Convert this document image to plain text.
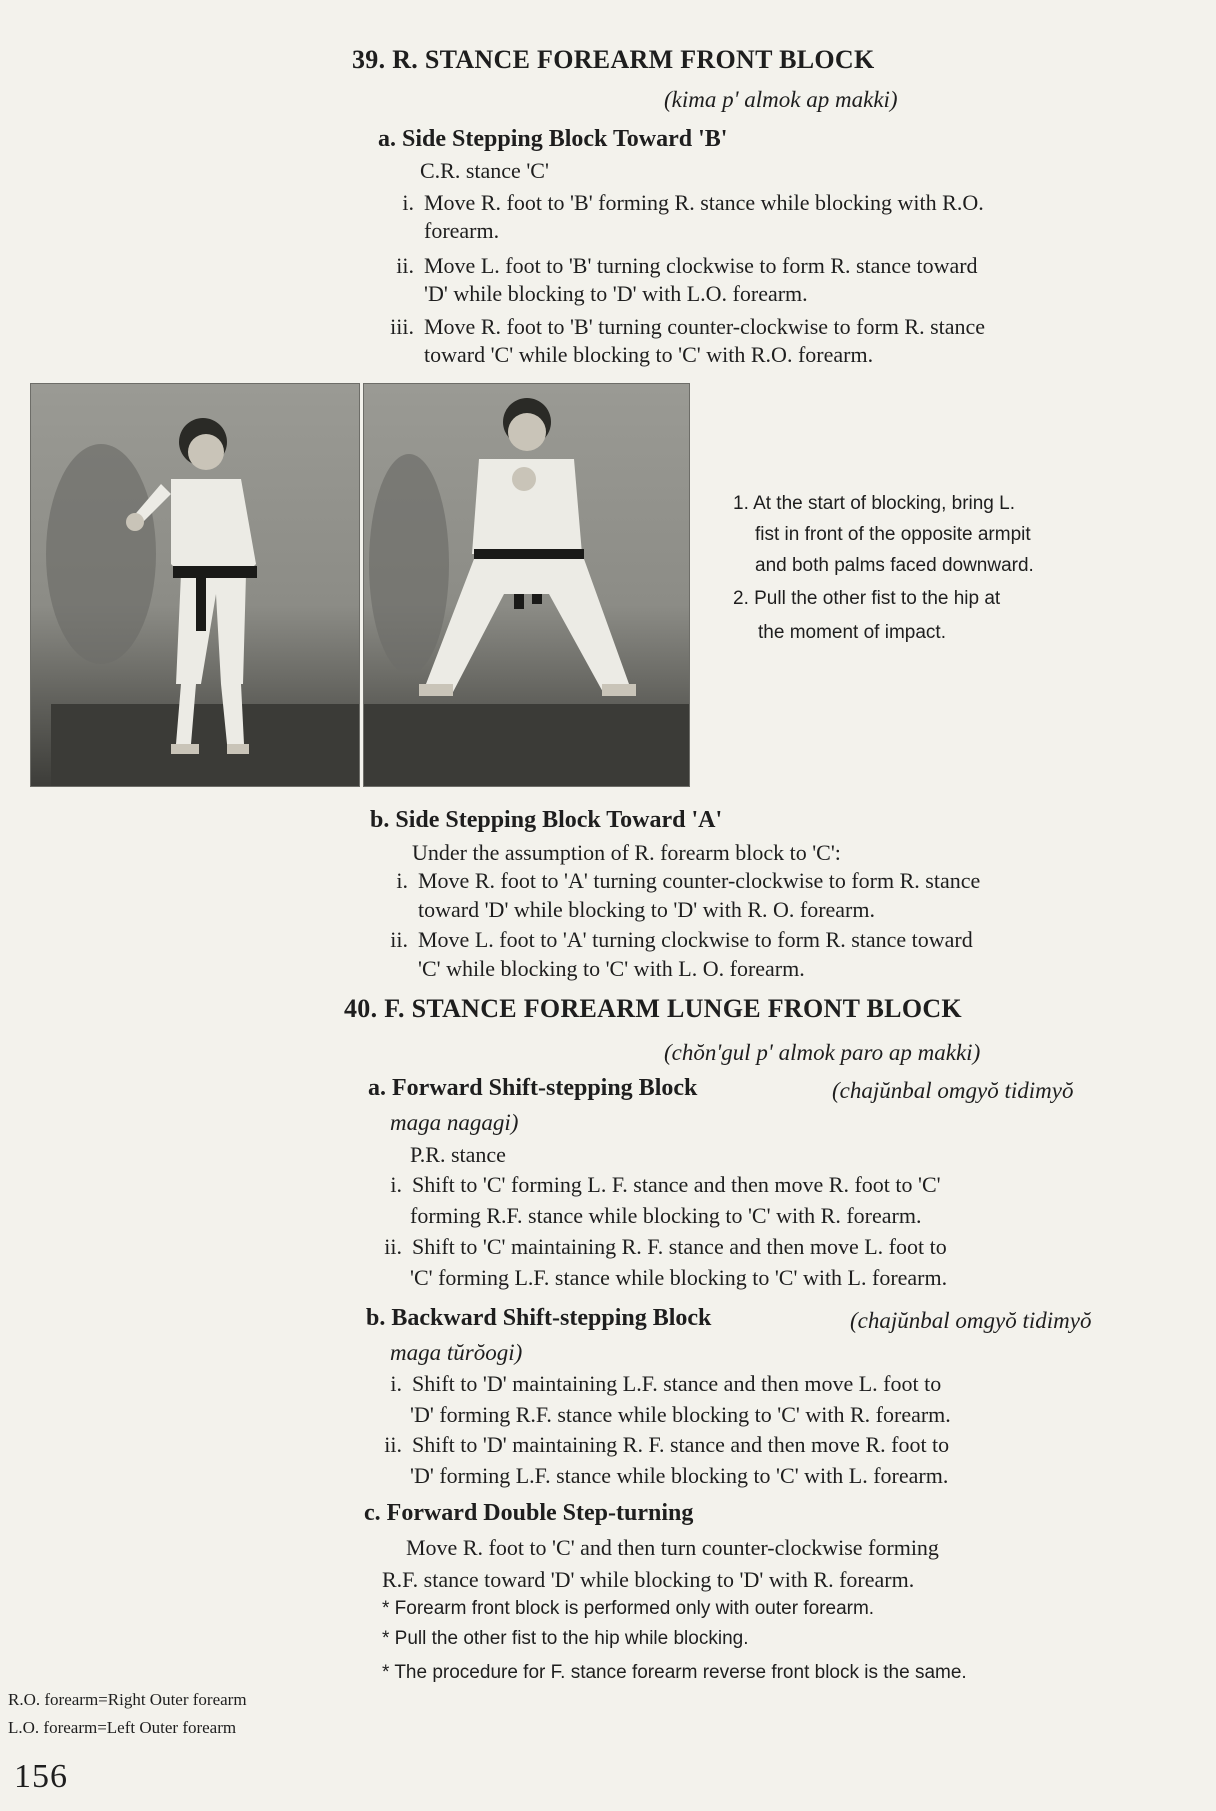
39. R. STANCE FOREARM FRONT BLOCK
(kima p' almok ap makki)
a. Side Stepping Block Toward 'B'
C.R. stance 'C'
i. Move R. foot to 'B' forming R. stance while blocking with R.O.
forearm.
ii. Move L. foot to 'B' turning clockwise to form R. stance toward
'D' while blocking to 'D' with L.O. forearm.
iii. Move R. foot to 'B' turning counter-clockwise to form R. stance
toward 'C' while blocking to 'C' with R.O. forearm.
1. At the start of blocking, bring L.
fist in front of the opposite armpit
and both palms faced downward.
2. Pull the other fist to the hip at
the moment of impact.
b. Side Stepping Block Toward 'A'
Under the assumption of R. forearm block to 'C':
i. Move R. foot to 'A' turning counter-clockwise to form R. stance
toward 'D' while blocking to 'D' with R. O. forearm.
ii. Move L. foot to 'A' turning clockwise to form R. stance toward
'C' while blocking to 'C' with L. O. forearm.
40. F. STANCE FOREARM LUNGE FRONT BLOCK
(chŏn'gul p' almok paro ap makki)
a. Forward Shift-stepping Block	(chajŭnbal omgyŏ tidimyŏ
maga nagagi)
P.R. stance
i. Shift to 'C' forming L. F. stance and then move R. foot to 'C'
forming R.F. stance while blocking to 'C' with R. forearm.
ii. Shift to 'C' maintaining R. F. stance and then move L. foot to
'C' forming L.F. stance while blocking to 'C' with L. forearm.
b. Backward Shift-stepping Block	(chajŭnbal omgyŏ tidimyŏ
maga tŭrŏogi)
i. Shift to 'D' maintaining L.F. stance and then move L. foot to
'D' forming R.F. stance while blocking to 'C' with R. forearm.
ii. Shift to 'D' maintaining R. F. stance and then move R. foot to
'D' forming L.F. stance while blocking to 'C' with L. forearm.
c. Forward Double Step-turning
Move R. foot to 'C' and then turn counter-clockwise forming
R.F. stance toward 'D' while blocking to 'D' with R. forearm.
* Forearm front block is performed only with outer forearm.
* Pull the other fist to the hip while blocking.
* The procedure for F. stance forearm reverse front block is the same.
R.O. forearm=Right Outer forearm
L.O. forearm=Left Outer forearm
156
